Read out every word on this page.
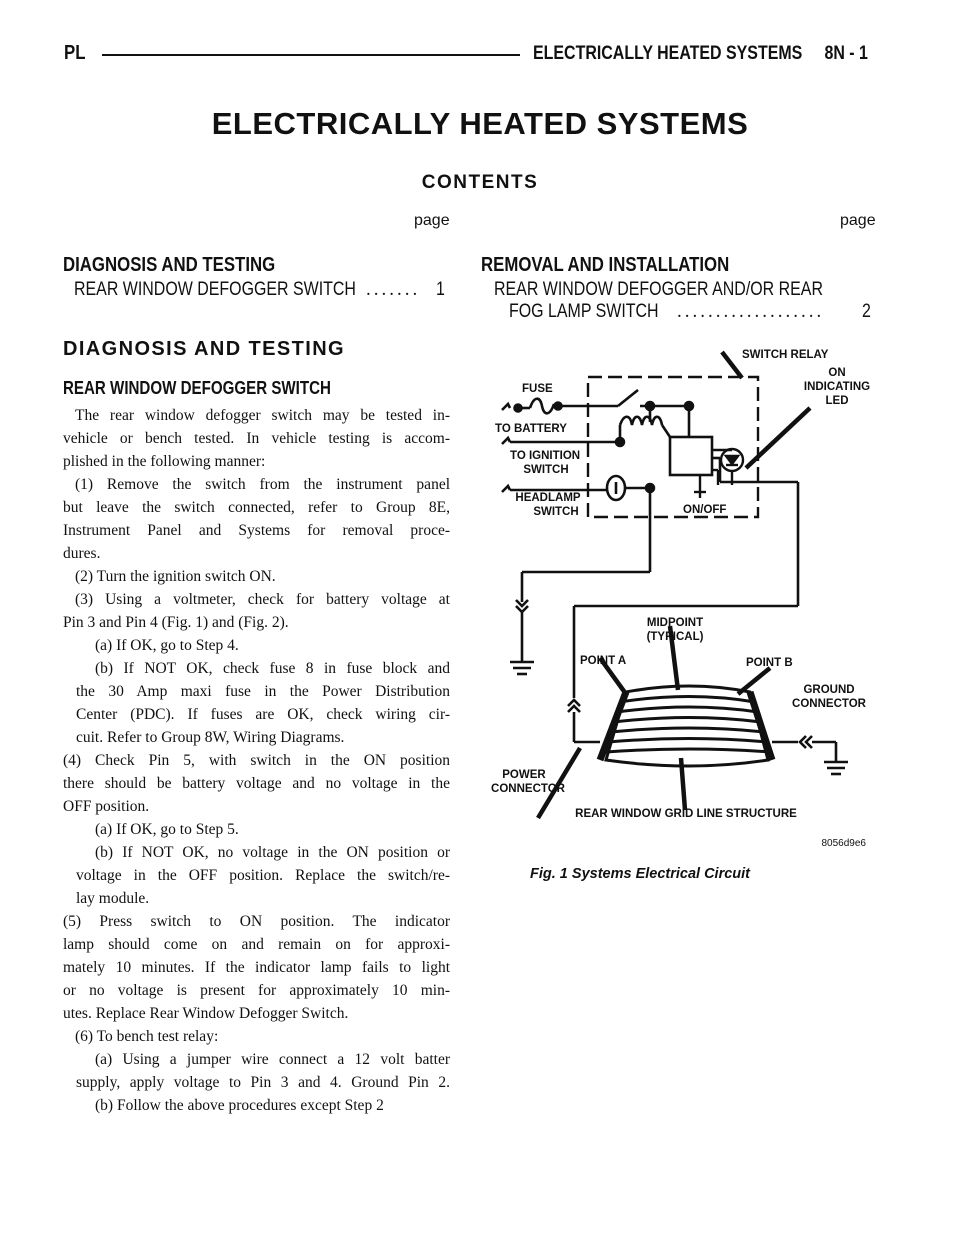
PL	ELECTRICALLY HEATED SYSTEMS     8N - 1
ELECTRICALLY HEATED SYSTEMS
CONTENTS
page	page
DIAGNOSIS AND TESTING
REAR WINDOW DEFOGGER SWITCH ....... 1
REMOVAL AND INSTALLATION
REAR WINDOW DEFOGGER AND/OR REAR
FOG LAMP SWITCH ................... 2
DIAGNOSIS AND TESTING
REAR WINDOW DEFOGGER SWITCH
The rear window defogger switch may be tested in-
vehicle or bench tested. In vehicle testing is accom-
plished in the following manner:
(1) Remove the switch from the instrument panel
but leave the switch connected, refer to Group 8E,
Instrument Panel and Systems for removal proce-
dures.
(2) Turn the ignition switch ON.
(3) Using a voltmeter, check for battery voltage at
Pin 3 and Pin 4 (Fig. 1) and (Fig. 2).
(a) If OK, go to Step 4.
(b) If NOT OK, check fuse 8 in fuse block and
the 30 Amp maxi fuse in the Power Distribution
Center (PDC). If fuses are OK, check wiring cir-
cuit. Refer to Group 8W, Wiring Diagrams.
(4) Check Pin 5, with switch in the ON position
there should be battery voltage and no voltage in the
OFF position.
(a) If OK, go to Step 5.
(b) If NOT OK, no voltage in the ON position or
voltage in the OFF position. Replace the switch/re-
lay module.
(5) Press switch to ON position. The indicator
lamp should come on and remain on for approxi-
mately 10 minutes. If the indicator lamp fails to light
or no voltage is present for approximately 10 min-
utes. Replace Rear Window Defogger Switch.
(6) To bench test relay:
(a) Using a jumper wire connect a 12 volt batter
supply, apply voltage to Pin 3 and 4. Ground Pin 2.
(b) Follow the above procedures except Step 2
SWITCH RELAY
FUSE
ON
INDICATING
LED
TO BATTERY
TO IGNITION
SWITCH
HEADLAMP
SWITCH	ON/OFF
MIDPOINT
(TYPICAL)
POINT A	POINT B
GROUND
CONNECTOR
POWER
CONNECTOR
REAR WINDOW GRID LINE STRUCTURE
8056d9e6
Fig. 1 Systems Electrical Circuit
